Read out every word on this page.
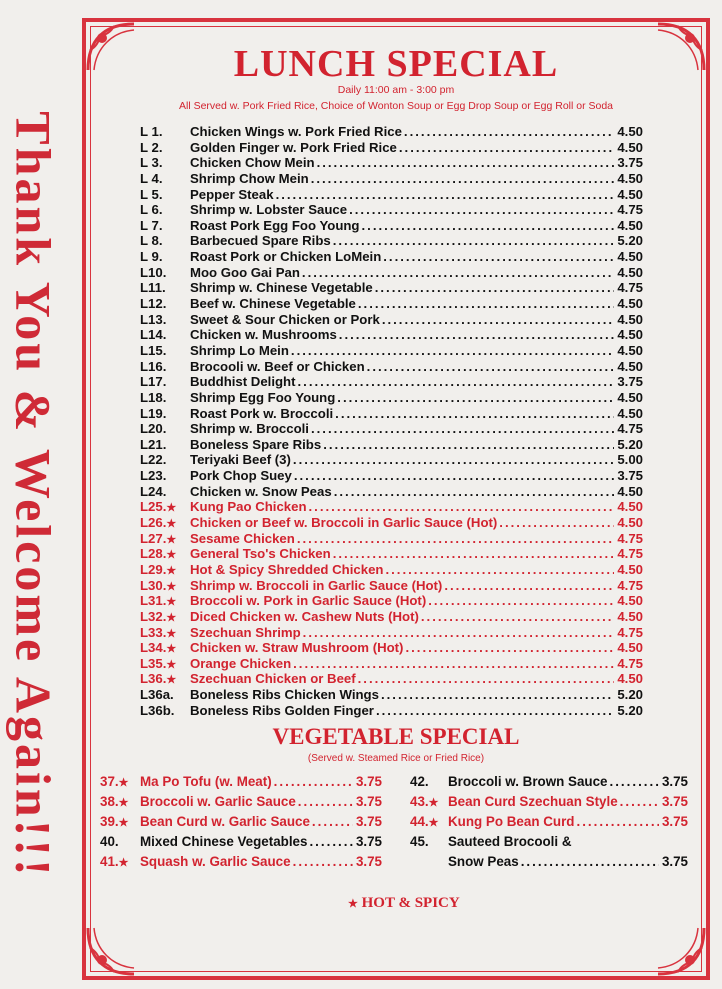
Thank You & Welcome Again!!!
LUNCH SPECIAL
Daily 11:00 am - 3:00 pm
All Served w. Pork Fried Rice, Choice of Wonton Soup or Egg Drop Soup or Egg Roll or Soda
L 1.	Chicken Wings w. Pork Fried Rice .....	4.50
L 2.	Golden Finger w. Pork Fried Rice .....	4.50
L 3.	Chicken Chow Mein .....	3.75
L 4.	Shrimp Chow Mein .....	4.50
L 5.	Pepper Steak .....	4.50
L 6.	Shrimp w. Lobster Sauce .....	4.75
L 7.	Roast Pork Egg Foo Young .....	4.50
L 8.	Barbecued Spare Ribs .....	5.20
L 9.	Roast Pork or Chicken LoMein .....	4.50
L10.	Moo Goo Gai Pan .....	4.50
L11.	Shrimp w. Chinese Vegetable .....	4.75
L12.	Beef w. Chinese Vegetable .....	4.50
L13.	Sweet & Sour Chicken or Pork .....	4.50
L14.	Chicken w. Mushrooms .....	4.50
L15.	Shrimp Lo Mein .....	4.50
L16.	Brocooli w. Beef or Chicken .....	4.50
L17.	Buddhist Delight .....	3.75
L18.	Shrimp Egg Foo Young .....	4.50
L19.	Roast Pork w. Broccoli .....	4.50
L20.	Shrimp w. Broccoli .....	4.75
L21.	Boneless Spare Ribs .....	5.20
L22.	Teriyaki Beef (3) .....	5.00
L23.	Pork Chop Suey .....	3.75
L24.	Chicken w. Snow Peas .....	4.50
L25.★	Kung Pao Chicken .....	4.50
L26.★	Chicken or Beef w. Broccoli in Garlic Sauce (Hot) .....	4.50
L27.★	Sesame Chicken .....	4.75
L28.★	General Tso's Chicken .....	4.75
L29.★	Hot & Spicy Shredded Chicken .....	4.50
L30.★	Shrimp w. Broccoli in Garlic Sauce (Hot) .....	4.75
L31.★	Broccoli w. Pork in Garlic Sauce (Hot) .....	4.50
L32.★	Diced Chicken w. Cashew Nuts (Hot) .....	4.50
L33.★	Szechuan Shrimp .....	4.75
L34.★	Chicken w. Straw Mushroom (Hot) .....	4.50
L35.★	Orange Chicken .....	4.75
L36.★	Szechuan Chicken or Beef .....	4.50
L36a.	Boneless Ribs Chicken Wings .....	5.20
L36b.	Boneless Ribs Golden Finger .....	5.20
VEGETABLE SPECIAL
(Served w. Steamed Rice or Fried Rice)
37.★ Ma Po Tofu (w. Meat) .....	3.75
38.★ Broccoli w. Garlic Sauce .....	3.75
39.★ Bean Curd w. Garlic Sauce .....	3.75
40.	Mixed Chinese Vegetables .....	3.75
41.★ Squash w. Garlic Sauce .....	3.75
42.	Broccoli w. Brown Sauce .....	3.75
43.★ Bean Curd Szechuan Style .....	3.75
44.★ Kung Po Bean Curd .....	3.75
45.	Sauteed Brocooli &
Snow Peas .....	3.75
★ HOT & SPICY
